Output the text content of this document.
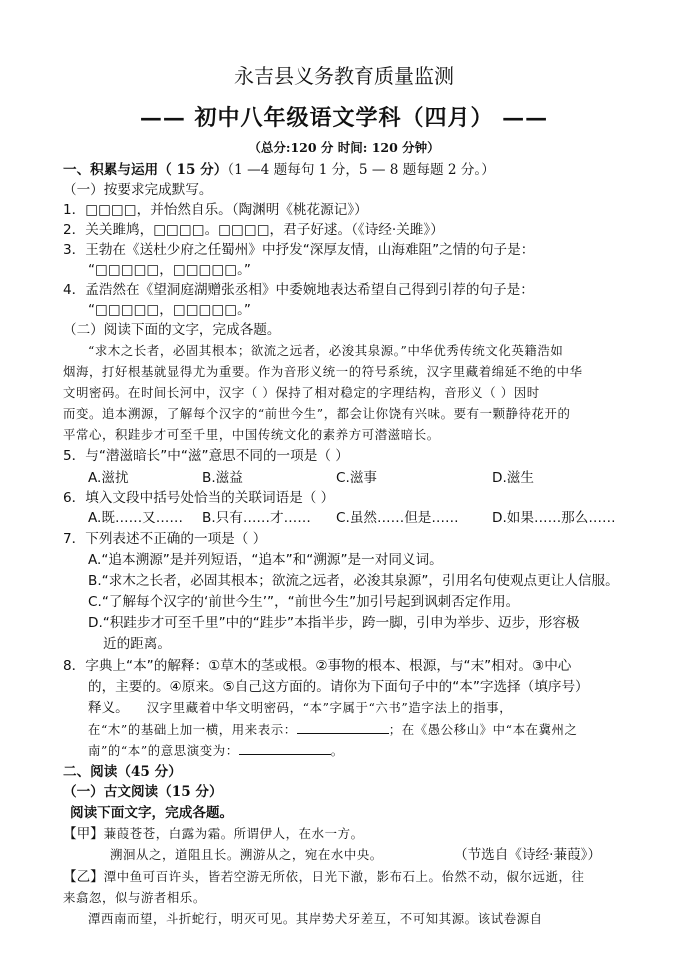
永吉县义务教育质量监测
—— 初中八年级语文学科（四月） ——
（总分:120 分 时间: 120 分钟）
一、积累与运用（ 15 分）（1 —4 题每句 1 分，5 — 8 题每题 2 分。）
（一）按要求完成默写。
1．□□□□，并怡然自乐。（陶渊明《桃花源记》）
2．关关雎鸠，□□□□。□□□□，君子好逑。（《诗经·关雎》）
3．王勃在《送杜少府之任蜀州》中抒发“深厚友情，山海难阻”之情的句子是：
“□□□□□，□□□□□。”
4．孟浩然在《望洞庭湖赠张丞相》中委婉地表达希望自己得到引荐的句子是：
“□□□□□，□□□□□。”
（二）阅读下面的文字，完成各题。
“求木之长者，必固其根本；欲流之远者，必浚其泉源。”中华优秀传统文化英籍浩如
烟海，打好根基就显得尤为重要。作为音形义统一的符号系统，汉字里藏着绵延不绝的中华
文明密码。在时间长河中，汉字（ ）保持了相对稳定的字理结构，音形义（ ）因时
而变。追本溯源，了解每个汉字的“前世今生”，都会让你饶有兴味。要有一颗静待花开的
平常心，积跬步才可至千里，中国传统文化的素养方可潜滋暗长。
5．与“潜滋暗长”中“滋”意思不同的一项是（ ）
A.滋扰	B.滋益	C.滋事	D.滋生
6．填入文段中括号处恰当的关联词语是（ ）
A.既……又…… B.只有……才…… C.虽然……但是…… D.如果……那么……
7．下列表述不正确的一项是（ ）
A.“追本溯源”是并列短语，“追本”和“溯源”是一对同义词。
B.“求木之长者，必固其根本；欲流之远者，必浚其泉源”，引用名句使观点更让人信服。
C.“了解每个汉字的‘前世今生’”，“前世今生”加引号起到讽刺否定作用。
D.“积跬步才可至千里”中的“跬步”本指半步，跨一脚，引申为举步、迈步，形容极
近的距离。
8．字典上“本”的解释：①草木的茎或根。②事物的根本、根源，与“末”相对。③中心
的，主要的。④原来。⑤自己这方面的。请你为下面句子中的“本”字选择（填序号）
释义。 汉字里藏着中华文明密码，“本”字属于“六书”造字法上的指事，
在“木”的基础上加一横，用来表示：	；在《愚公移山》中“本在冀州之
南”的“本”的意思演变为：	。
二、阅读（45 分）
（一）古文阅读（15 分）
阅读下面文字，完成各题。
【甲】蒹葭苍苍，白露为霜。所谓伊人，在水一方。
溯洄从之，道阻且长。溯游从之，宛在水中央。	（节选自《诗经·蒹葭》）
【乙】潭中鱼可百许头，皆若空游无所依，日光下澈，影布石上。佁然不动，俶尔远逝，往
来翕忽，似与游者相乐。
潭西南而望，斗折蛇行，明灭可见。其岸势犬牙差互，不可知其源。该试卷源自
